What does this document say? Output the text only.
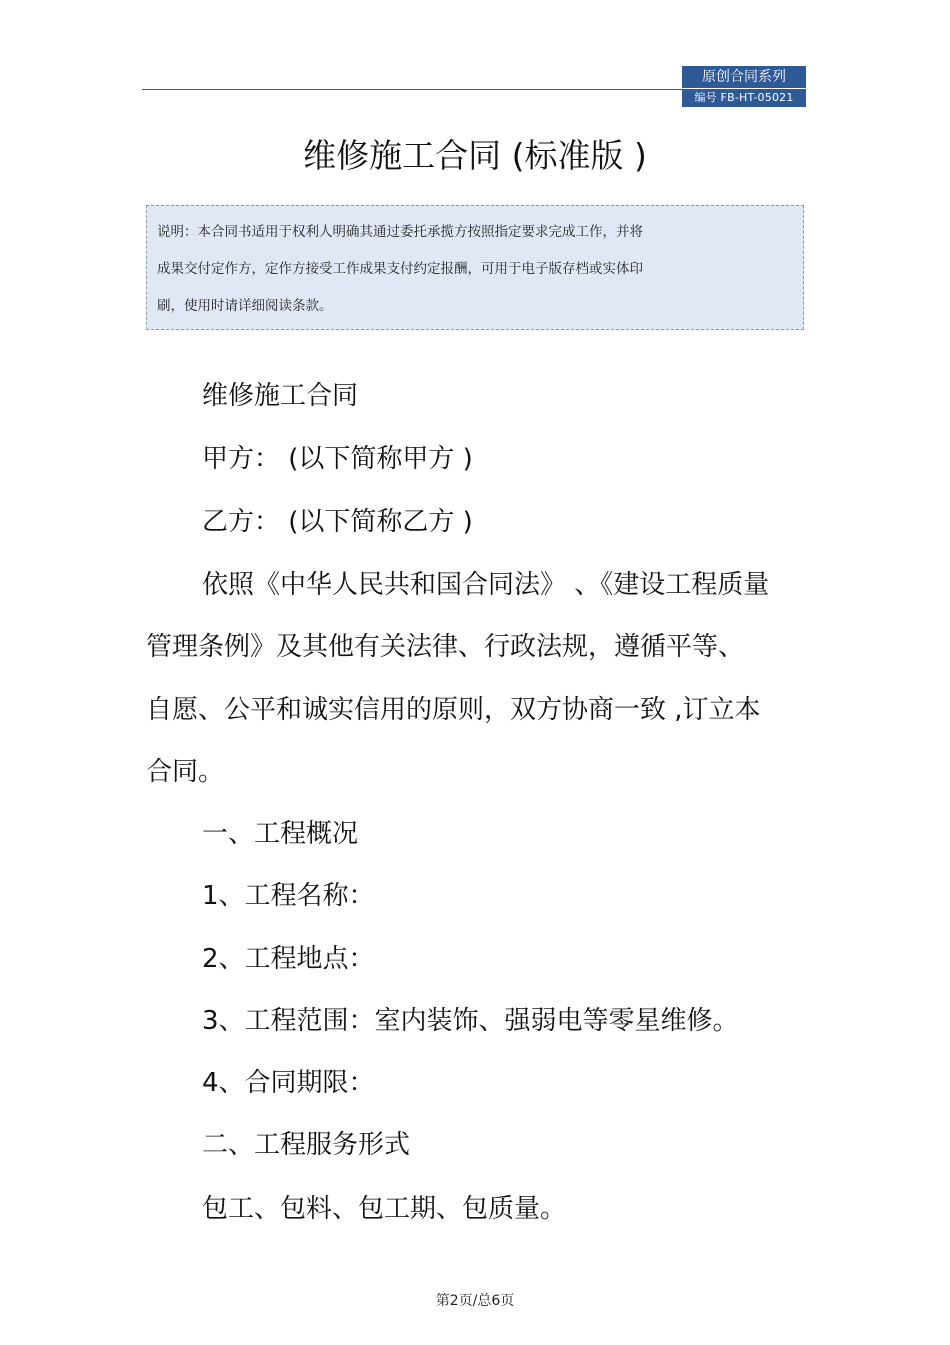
原创合同系列
编号 FB-HT-05021
维修施工合同 (标准版 )
说明：本合同书适用于权利人明确其通过委托承揽方按照指定要求完成工作，并将
成果交付定作方，定作方接受工作成果支付约定报酬，可用于电子版存档或实体印
刷，使用时请详细阅读条款。
维修施工合同
甲方： (以下简称甲方 )
乙方： (以下简称乙方 )
依照《中华人民共和国合同法》 、《建设工程质量
管理条例》及其他有关法律、行政法规，遵循平等、
自愿、公平和诚实信用的原则，双方协商一致 ,订立本
合同。
一、工程概况
1、工程名称：
2、工程地点：
3、工程范围：室内装饰、强弱电等零星维修。
4、合同期限：
二、工程服务形式
包工、包料、包工期、包质量。
第2页/总6页
